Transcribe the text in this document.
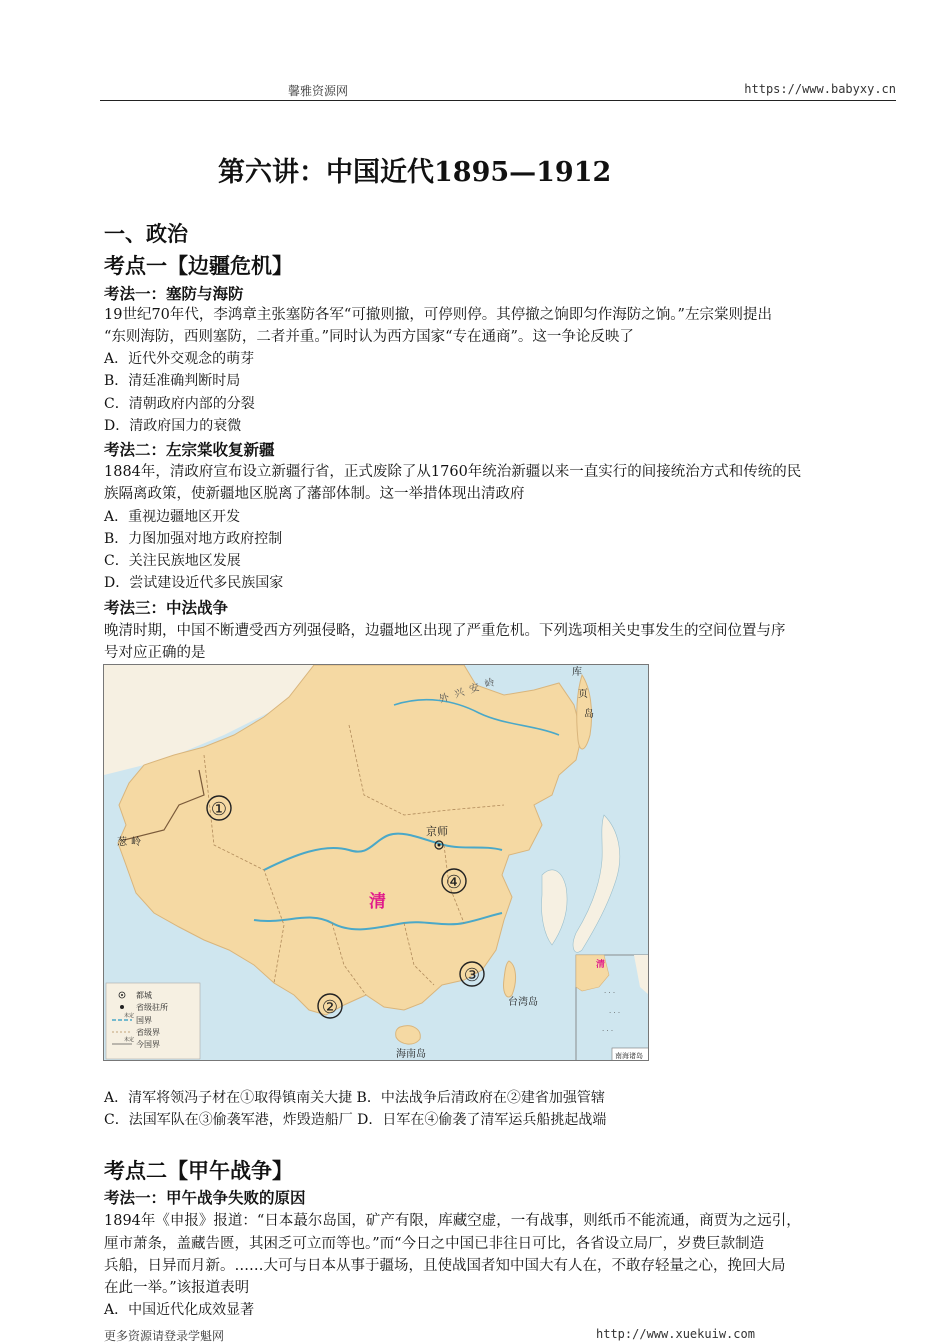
馨雅资源网	https://www.babyxy.cn
第六讲：中国近代1895—1912
一、政治
考点一【边疆危机】
考法一：塞防与海防
19世纪70年代，李鸿章主张塞防各军“可撤则撤，可停则停。其停撤之饷即匀作海防之饷。”左宗棠则提出
“东则海防，西则塞防，二者并重。”同时认为西方国家“专在通商”。这一争论反映了
A．近代外交观念的萌芽
B．清廷准确判断时局
C．清朝政府内部的分裂
D．清政府国力的衰微
考法二：左宗棠收复新疆
1884年，清政府宣布设立新疆行省，正式废除了从1760年统治新疆以来一直实行的间接统治方式和传统的民
族隔离政策，使新疆地区脱离了藩部体制。这一举措体现出清政府
A．重视边疆地区开发
B．力图加强对地方政府控制
C．关注民族地区发展
D．尝试建设近代多民族国家
考法三：中法战争
晚清时期，中国不断遭受西方列强侵略，边疆地区出现了严重危机。下列选项相关史事发生的空间位置与序
号对应正确的是
①
②
③
④
清
京师
台湾岛
海南岛
库
页
岛
外兴安岭
葱岭
都城
省级驻所
未定 国界
省级界
未定 今国界
清
· · ·
· · ·
· · ·
南海诸岛
A．清军将领冯子材在①取得镇南关大捷 B．中法战争后清政府在②建省加强管辖
C．法国军队在③偷袭军港，炸毁造船厂 D．日军在④偷袭了清军运兵船挑起战端
考点二【甲午战争】
考法一：甲午战争失败的原因
1894年《申报》报道：“日本蕞尔岛国，矿产有限，库藏空虚，一有战事，则纸币不能流通，商贾为之远引，
厘市萧条，盖藏告匮，其困乏可立而等也。”而“今日之中国已非往日可比，各省设立局厂，岁费巨款制造
兵船，日异而月新。……大可与日本从事于疆场，且使战国者知中国大有人在，不敢存轻量之心，挽回大局
在此一举。”该报道表明
A．中国近代化成效显著
更多资源请登录学魁网	http://www.xuekuiw.com
